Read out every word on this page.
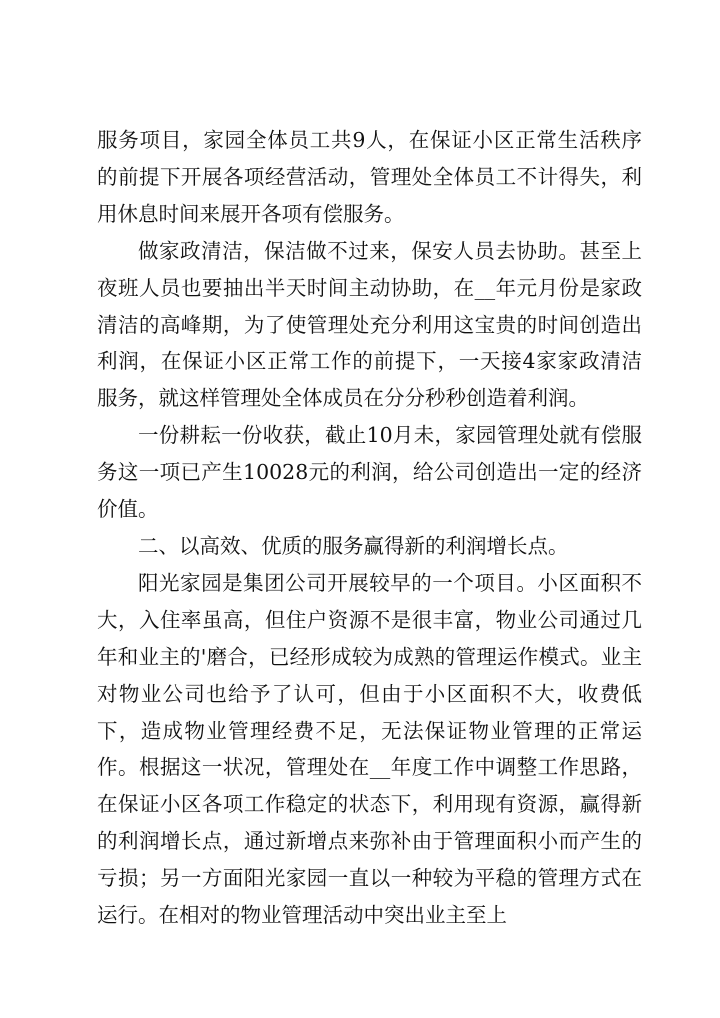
服务项目，家园全体员工共9人，在保证小区正常生活秩序的前提下开展各项经营活动，管理处全体员工不计得失，利用休息时间来展开各项有偿服务。

做家政清洁，保洁做不过来，保安人员去协助。甚至上夜班人员也要抽出半天时间主动协助，在__年元月份是家政清洁的高峰期，为了使管理处充分利用这宝贵的时间创造出利润，在保证小区正常工作的前提下，一天接4家家政清洁服务，就这样管理处全体成员在分分秒秒创造着利润。

一份耕耘一份收获，截止10月未，家园管理处就有偿服务这一项已产生10028元的利润，给公司创造出一定的经济价值。

二、以高效、优质的服务赢得新的利润增长点。

阳光家园是集团公司开展较早的一个项目。小区面积不大，入住率虽高，但住户资源不是很丰富，物业公司通过几年和业主的'磨合，已经形成较为成熟的管理运作模式。业主对物业公司也给予了认可，但由于小区面积不大，收费低下，造成物业管理经费不足，无法保证物业管理的正常运作。根据这一状况，管理处在__年度工作中调整工作思路，在保证小区各项工作稳定的状态下，利用现有资源，赢得新的利润增长点，通过新增点来弥补由于管理面积小而产生的亏损；另一方面阳光家园一直以一种较为平稳的管理方式在运行。在相对的物业管理活动中突出业主至上
